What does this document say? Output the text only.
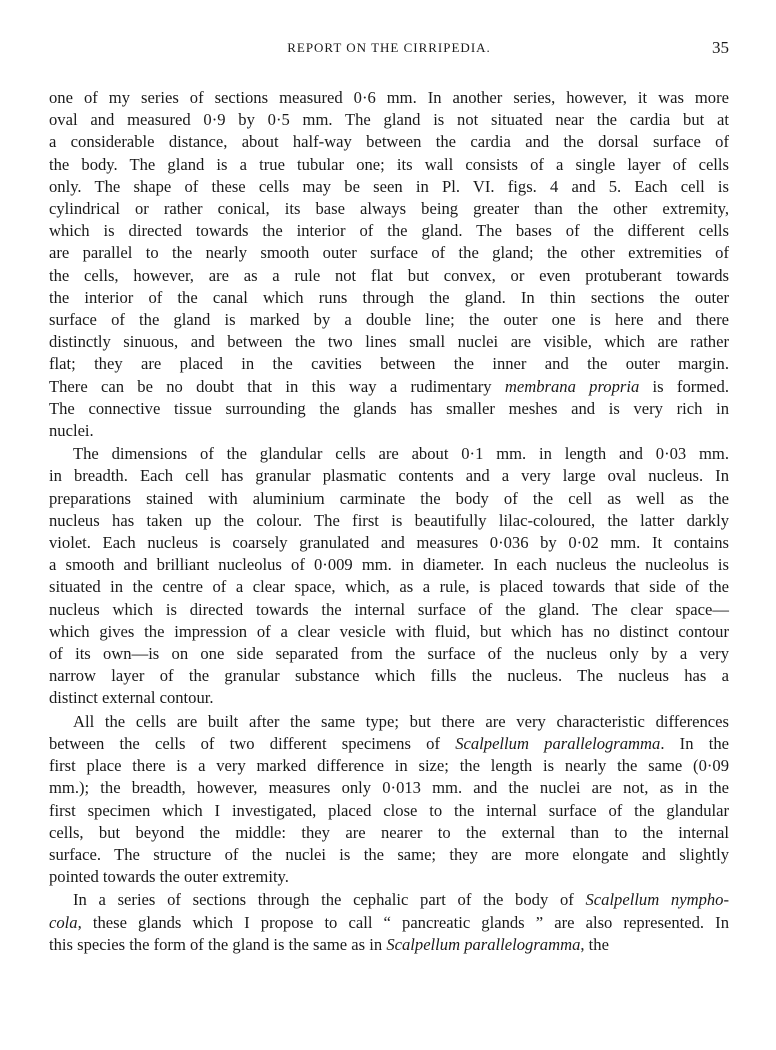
REPORT ON THE CIRRIPEDIA.	35
one of my series of sections measured 0·6 mm. In another series, however, it was more
oval and measured 0·9 by 0·5 mm. The gland is not situated near the cardia but at
a considerable distance, about half-way between the cardia and the dorsal surface of
the body. The gland is a true tubular one; its wall consists of a single layer of cells
only. The shape of these cells may be seen in Pl. VI. figs. 4 and 5. Each cell is
cylindrical or rather conical, its base always being greater than the other extremity,
which is directed towards the interior of the gland. The bases of the different cells
are parallel to the nearly smooth outer surface of the gland; the other extremities of
the cells, however, are as a rule not flat but convex, or even protuberant towards
the interior of the canal which runs through the gland. In thin sections the outer
surface of the gland is marked by a double line; the outer one is here and there
distinctly sinuous, and between the two lines small nuclei are visible, which are rather
flat; they are placed in the cavities between the inner and the outer margin.
There can be no doubt that in this way a rudimentary membrana propria is formed.
The connective tissue surrounding the glands has smaller meshes and is very rich in
nuclei.
The dimensions of the glandular cells are about 0·1 mm. in length and 0·03 mm.
in breadth. Each cell has granular plasmatic contents and a very large oval nucleus. In
preparations stained with aluminium carminate the body of the cell as well as the
nucleus has taken up the colour. The first is beautifully lilac-coloured, the latter darkly
violet. Each nucleus is coarsely granulated and measures 0·036 by 0·02 mm. It contains
a smooth and brilliant nucleolus of 0·009 mm. in diameter. In each nucleus the nucleolus is
situated in the centre of a clear space, which, as a rule, is placed towards that side of the
nucleus which is directed towards the internal surface of the gland. The clear space—
which gives the impression of a clear vesicle with fluid, but which has no distinct contour
of its own—is on one side separated from the surface of the nucleus only by a very
narrow layer of the granular substance which fills the nucleus. The nucleus has a
distinct external contour.
All the cells are built after the same type; but there are very characteristic differences
between the cells of two different specimens of Scalpellum parallelogramma. In the
first place there is a very marked difference in size; the length is nearly the same (0·09
mm.); the breadth, however, measures only 0·013 mm. and the nuclei are not, as in the
first specimen which I investigated, placed close to the internal surface of the glandular
cells, but beyond the middle: they are nearer to the external than to the internal
surface. The structure of the nuclei is the same; they are more elongate and slightly
pointed towards the outer extremity.
In a series of sections through the cephalic part of the body of Scalpellum nympho-
cola, these glands which I propose to call “ pancreatic glands ” are also represented. In
this species the form of the gland is the same as in Scalpellum parallelogramma, the
